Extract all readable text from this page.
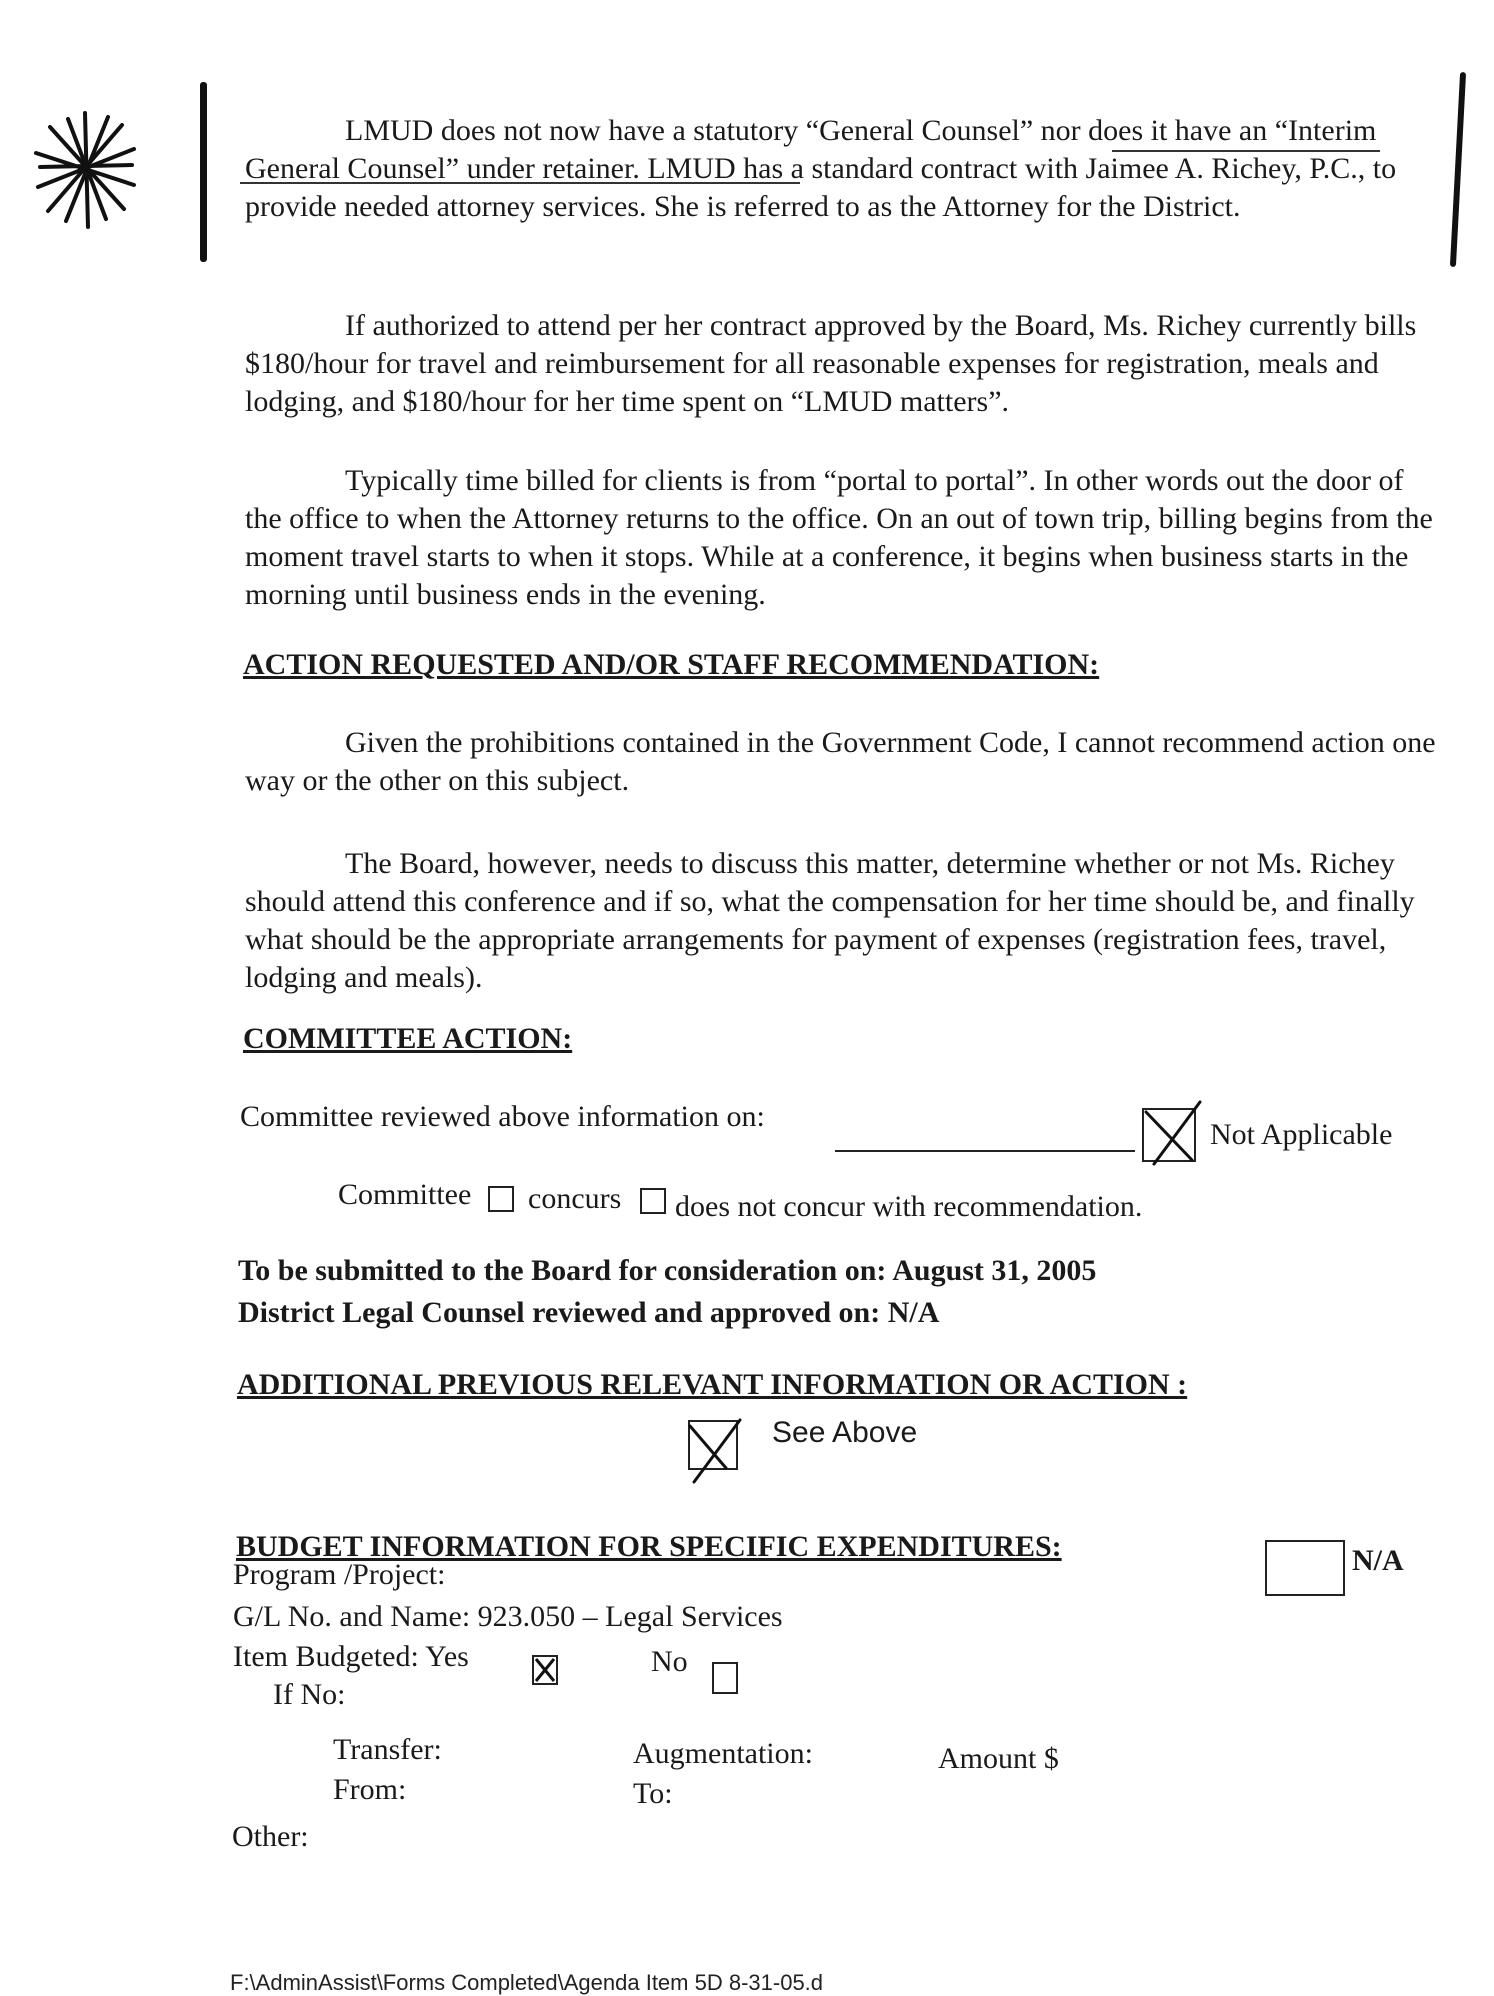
LMUD does not now have a statutory “General Counsel” nor does it have an “Interim General Counsel” under retainer. LMUD has a standard contract with Jaimee A. Richey, P.C., to provide needed attorney services. She is referred to as the Attorney for the District.
If authorized to attend per her contract approved by the Board, Ms. Richey currently bills $180/hour for travel and reimbursement for all reasonable expenses for registration, meals and lodging, and $180/hour for her time spent on “LMUD matters”.
Typically time billed for clients is from “portal to portal”. In other words out the door of the office to when the Attorney returns to the office. On an out of town trip, billing begins from the moment travel starts to when it stops. While at a conference, it begins when business starts in the morning until business ends in the evening.
ACTION REQUESTED AND/OR STAFF RECOMMENDATION:
Given the prohibitions contained in the Government Code, I cannot recommend action one way or the other on this subject.
The Board, however, needs to discuss this matter, determine whether or not Ms. Richey should attend this conference and if so, what the compensation for her time should be, and finally what should be the appropriate arrangements for payment of expenses (registration fees, travel, lodging and meals).
COMMITTEE ACTION:
Committee reviewed above information on:
Not Applicable
Committee concurs does not concur with recommendation.
To be submitted to the Board for consideration on: August 31, 2005
District Legal Counsel reviewed and approved on: N/A
ADDITIONAL PREVIOUS RELEVANT INFORMATION OR ACTION :
See Above
BUDGET INFORMATION FOR SPECIFIC EXPENDITURES:	N/A
Program /Project:
G/L No. and Name: 923.050 – Legal Services
Item Budgeted: Yes	No
If No:
Transfer:
From:
Augmentation:
To:
Amount $
Other:
F:\AdminAssist\Forms Completed\Agenda Item 5D 8-31-05.d
